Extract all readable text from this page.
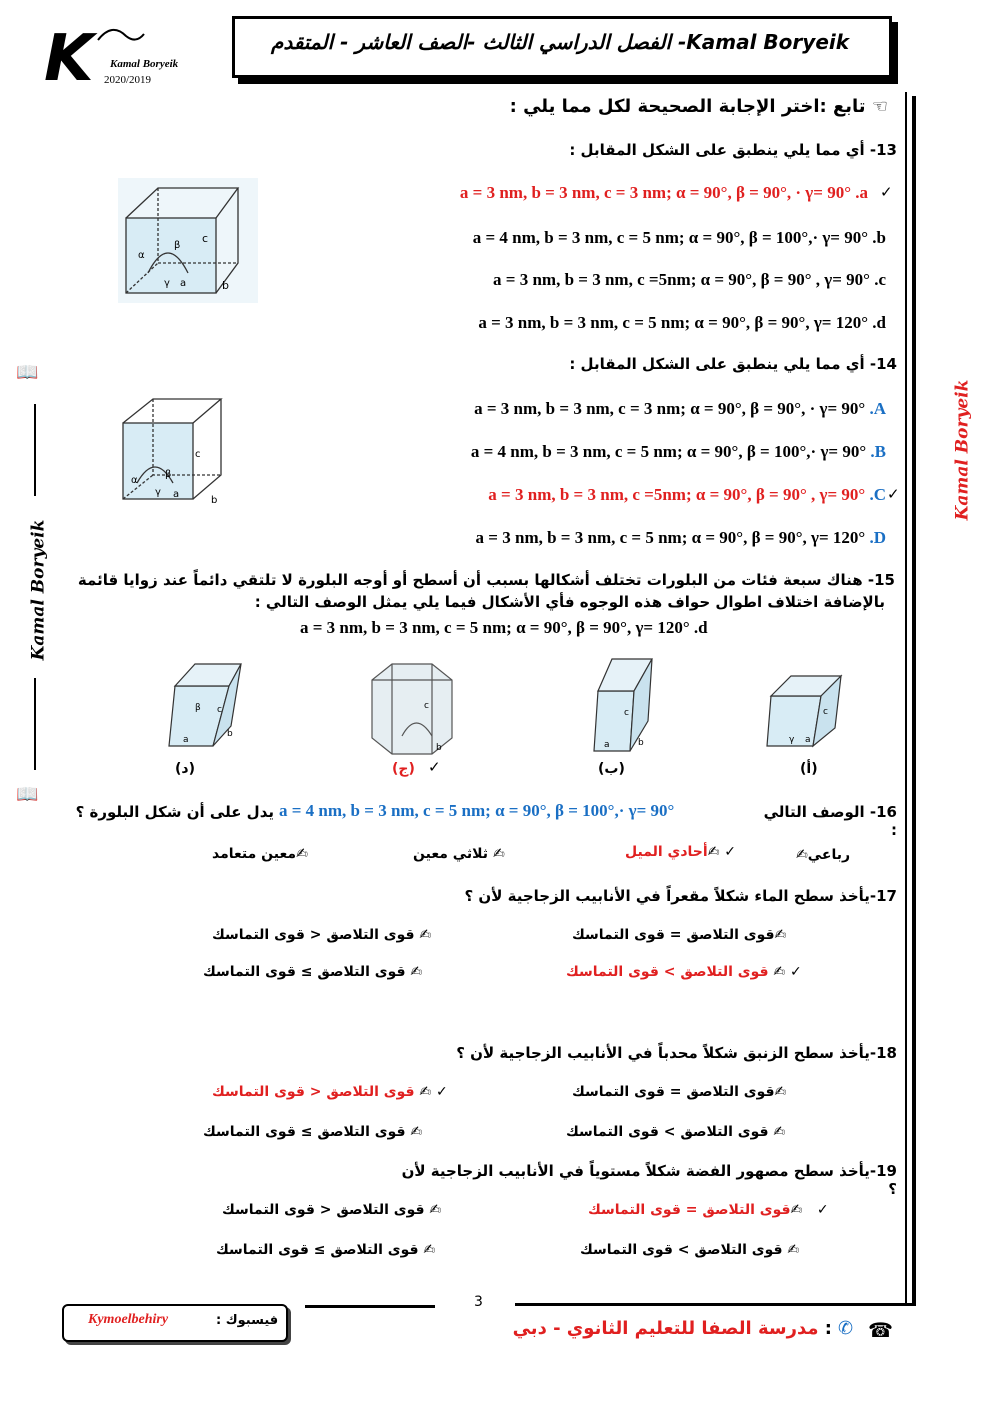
K	Kamal Boryeik
2020/2019
Kamal Boryeik- الفصل الدراسي الثالث -الصف العاشر - المتقدم
Kamal Boryeik
📖
Kamal Boryeik
📖
☜ تابع :اختر الإجابة الصحيحة لكل مما يلي :
13- أي مما يلي ينطبق على الشكل المقابل :
c
b
β
α
γ a
✓
a = 3 nm, b = 3 nm, c = 3 nm; α = 90°, β = 90°, · γ= 90° .a
a = 4 nm, b = 3 nm, c = 5 nm; α = 90°, β = 100°,· γ= 90° .b
a = 3 nm, b = 3 nm, c =5nm; α = 90°, β = 90° , γ= 90° .c
a = 3 nm, b = 3 nm, c = 5 nm; α = 90°, β = 90°, γ= 120° .d
14- أي مما يلي ينطبق على الشكل المقابل :
c
b
β
α
γ a
a = 3 nm, b = 3 nm, c = 3 nm; α = 90°, β = 90°, · γ= 90° .A
a = 4 nm, b = 3 nm, c = 5 nm; α = 90°, β = 100°,· γ= 90° .B
a = 3 nm, b = 3 nm, c =5nm; α = 90°, β = 90° , γ= 90° .C ✓
a = 3 nm, b = 3 nm, c = 5 nm; α = 90°, β = 90°, γ= 120° .D
15- هناك سبعة فئات من البلورات تختلف أشكالها بسبب أن أسطح أو أوجه البلورة لا تلتقي دائماً عند زوايا قائمة
بالإضافة اختلاف اطوال حواف هذه الوجوه فأي الأشكال فيما يلي يمثل الوصف التالي :
a = 3 nm, b = 3 nm, c = 5 nm; α = 90°, β = 90°, γ= 120° .d
c
β
a
b
c
b
c
a	b
c
γ a
(د)	(ج) ✓	(ب)	(أ)
16- الوصف التالي :
a = 4 nm, b = 3 nm, c = 5 nm; α = 90°, β = 100°,· γ= 90°
يدل على أن شكل البلورة ؟
✍رباعي
أحادي الميل✍ ✓
ثلاثي معين ✍
معين متعامد✍
17-يأخذ سطح الماء شكلاً مقعراً في الأنابيب الزجاجية لأن ؟
قوى التلاصق = قوى التماسك✍
قوى التلاصق < قوى التماسك ✍
قوى التلاصق > قوى التماسك ✍ ✓
قوى التلاصق ≥ قوى التماسك ✍
18-يأخذ سطح الزنبق شكلاً محدباً في الأنابيب الزجاجية لأن ؟
قوى التلاصق < قوى التماسك ✍ ✓	قوى التلاصق = قوى التماسك✍
قوى التلاصق ≥ قوى التماسك ✍	قوى التلاصق > قوى التماسك ✍
19-يأخذ سطح مصهور الفضة شكلاً مستوياً في الأنابيب الزجاجية لأن ؟
قوى التلاصق = قوى التماسك✍   ✓
قوى التلاصق < قوى التماسك ✍
قوى التلاصق > قوى التماسك ✍
قوى التلاصق ≥ قوى التماسك ✍
3
فيسبوك :
Kymoelbehiry	☎
✆
: مدرسة الصفا للتعليم الثانوي - دبي
